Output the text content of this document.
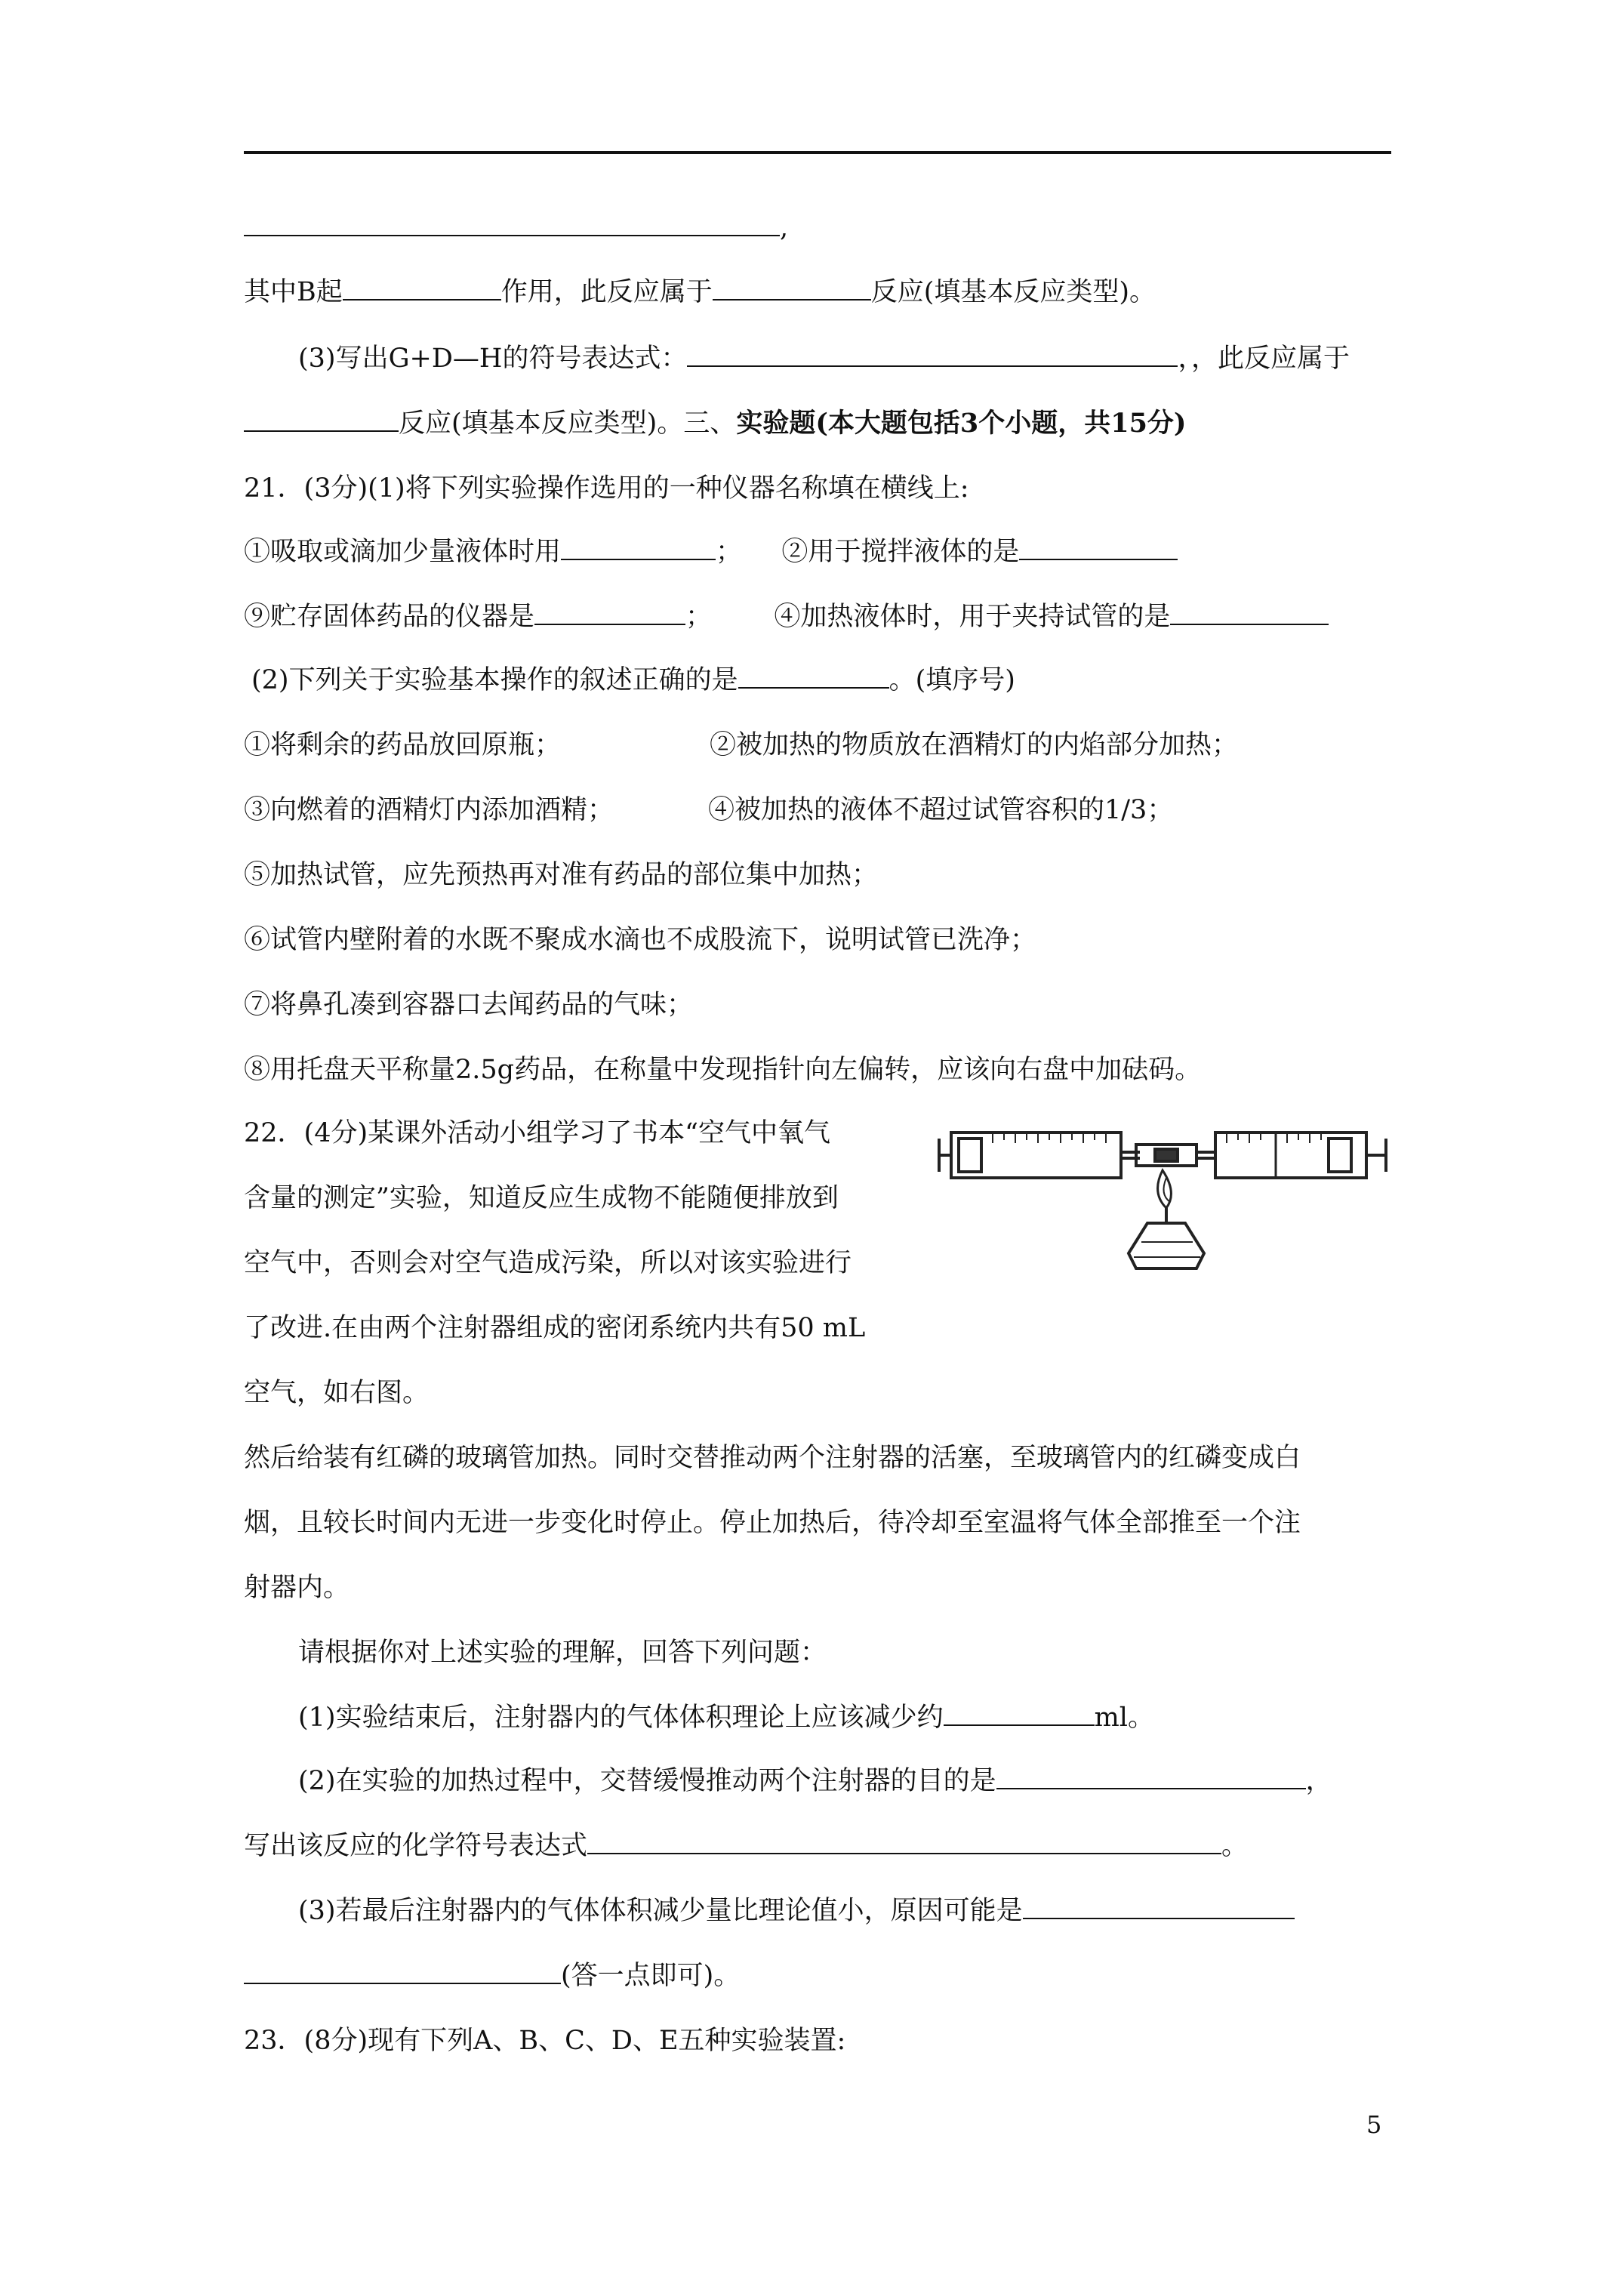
,
其中B起	作用，此反应属于	反应(填基本反应类型)。
(3)写出G+D—H的符号表达式：	，，此反应属于
反应(填基本反应类型)。三、实验题(本大题包括3个小题，共15分)
21．(3分)(1)将下列实验操作选用的一种仪器名称填在横线上:
①吸取或滴加少量液体时用	； ②用于搅拌液体的是
⑨贮存固体药品的仪器是	； ④加热液体时，用于夹持试管的是
(2)下列关于实验基本操作的叙述正确的是	。(填序号)
①将剩余的药品放回原瓶；	②被加热的物质放在酒精灯的内焰部分加热；
③向燃着的酒精灯内添加酒精；	④被加热的液体不超过试管容积的1/3；
⑤加热试管，应先预热再对准有药品的部位集中加热；
⑥试管内壁附着的水既不聚成水滴也不成股流下，说明试管已洗净；
⑦将鼻孔凑到容器口去闻药品的气味；
⑧用托盘天平称量2.5g药品，在称量中发现指针向左偏转，应该向右盘中加砝码。
22．(4分)某课外活动小组学习了书本“空气中氧气
含量的测定”实验，知道反应生成物不能随便排放到
空气中，否则会对空气造成污染，所以对该实验进行
了改进.在由两个注射器组成的密闭系统内共有50 mL
空气，如右图。
然后给装有红磷的玻璃管加热。同时交替推动两个注射器的活塞，至玻璃管内的红磷变成白
烟，且较长时间内无进一步变化时停止。停止加热后，待冷却至室温将气体全部推至一个注
射器内。
请根据你对上述实验的理解，回答下列问题：
(1)实验结束后，注射器内的气体体积理论上应该减少约	ml。
(2)在实验的加热过程中，交替缓慢推动两个注射器的目的是	，
写出该反应的化学符号表达式	。
(3)若最后注射器内的气体体积减少量比理论值小，原因可能是
(答一点即可)。
23．(8分)现有下列A、B、C、D、E五种实验装置:
5
